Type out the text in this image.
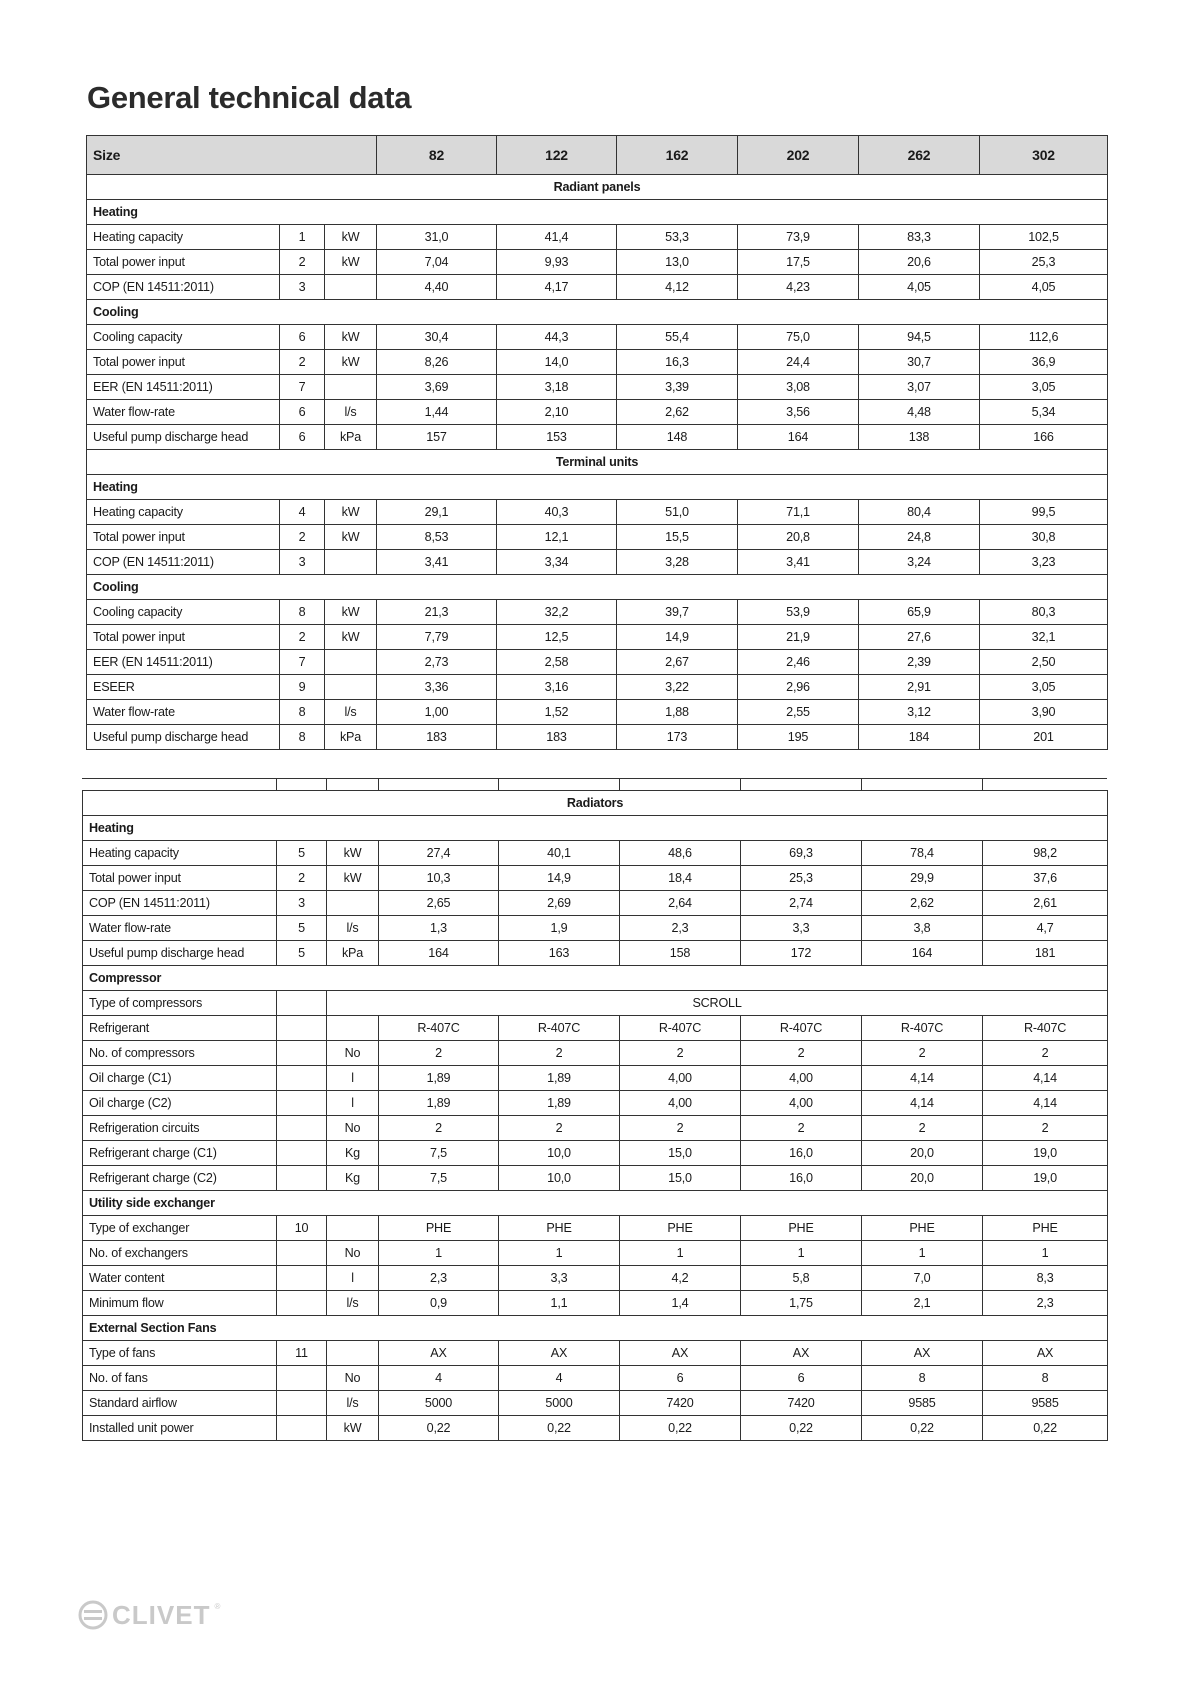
General technical data
Size			82	122	162	202	262	302
Radiant panels								
Heating								
Heating capacity	1	kW	31,0	41,4	53,3	73,9	83,3	102,5
Total power input	2	kW	7,04	9,93	13,0	17,5	20,6	25,3
COP (EN 14511:2011)	3		4,40	4,17	4,12	4,23	4,05	4,05
Cooling								
Cooling capacity	6	kW	30,4	44,3	55,4	75,0	94,5	112,6
Total power input	2	kW	8,26	14,0	16,3	24,4	30,7	36,9
EER (EN 14511:2011)	7		3,69	3,18	3,39	3,08	3,07	3,05
Water flow-rate	6	l/s	1,44	2,10	2,62	3,56	4,48	5,34
Useful pump discharge head	6	kPa	157	153	148	164	138	166
Terminal units								
Heating								
Heating capacity	4	kW	29,1	40,3	51,0	71,1	80,4	99,5
Total power input	2	kW	8,53	12,1	15,5	20,8	24,8	30,8
COP (EN 14511:2011)	3		3,41	3,34	3,28	3,41	3,24	3,23
Cooling								
Cooling capacity	8	kW	21,3	32,2	39,7	53,9	65,9	80,3
Total power input	2	kW	7,79	12,5	14,9	21,9	27,6	32,1
EER (EN 14511:2011)	7		2,73	2,58	2,67	2,46	2,39	2,50
ESEER	9		3,36	3,16	3,22	2,96	2,91	3,05
Water flow-rate	8	l/s	1,00	1,52	1,88	2,55	3,12	3,90
Useful pump discharge head	8	kPa	183	183	173	195	184	201
Radiators								
Heating								
Heating capacity	5	kW	27,4	40,1	48,6	69,3	78,4	98,2
Total power input	2	kW	10,3	14,9	18,4	25,3	29,9	37,6
COP (EN 14511:2011)	3		2,65	2,69	2,64	2,74	2,62	2,61
Water flow-rate	5	l/s	1,3	1,9	2,3	3,3	3,8	4,7
Useful pump discharge head	5	kPa	164	163	158	172	164	181
Compressor								
Type of compressors		SCROLL						
Refrigerant			R-407C	R-407C	R-407C	R-407C	R-407C	R-407C
No. of compressors		No	2	2	2	2	2	2
Oil charge (C1)		l	1,89	1,89	4,00	4,00	4,14	4,14
Oil charge (C2)		l	1,89	1,89	4,00	4,00	4,14	4,14
Refrigeration circuits		No	2	2	2	2	2	2
Refrigerant charge (C1)		Kg	7,5	10,0	15,0	16,0	20,0	19,0
Refrigerant charge (C2)		Kg	7,5	10,0	15,0	16,0	20,0	19,0
Utility side exchanger								
Type of exchanger	10		PHE	PHE	PHE	PHE	PHE	PHE
No. of exchangers		No	1	1	1	1	1	1
Water content		l	2,3	3,3	4,2	5,8	7,0	8,3
Minimum flow		l/s	0,9	1,1	1,4	1,75	2,1	2,3
External Section Fans								
Type of fans	11		AX	AX	AX	AX	AX	AX
No. of fans		No	4	4	6	6	8	8
Standard airflow		l/s	5000	5000	7420	7420	9585	9585
Installed unit power		kW	0,22	0,22	0,22	0,22	0,22	0,22
CLIVET ®
